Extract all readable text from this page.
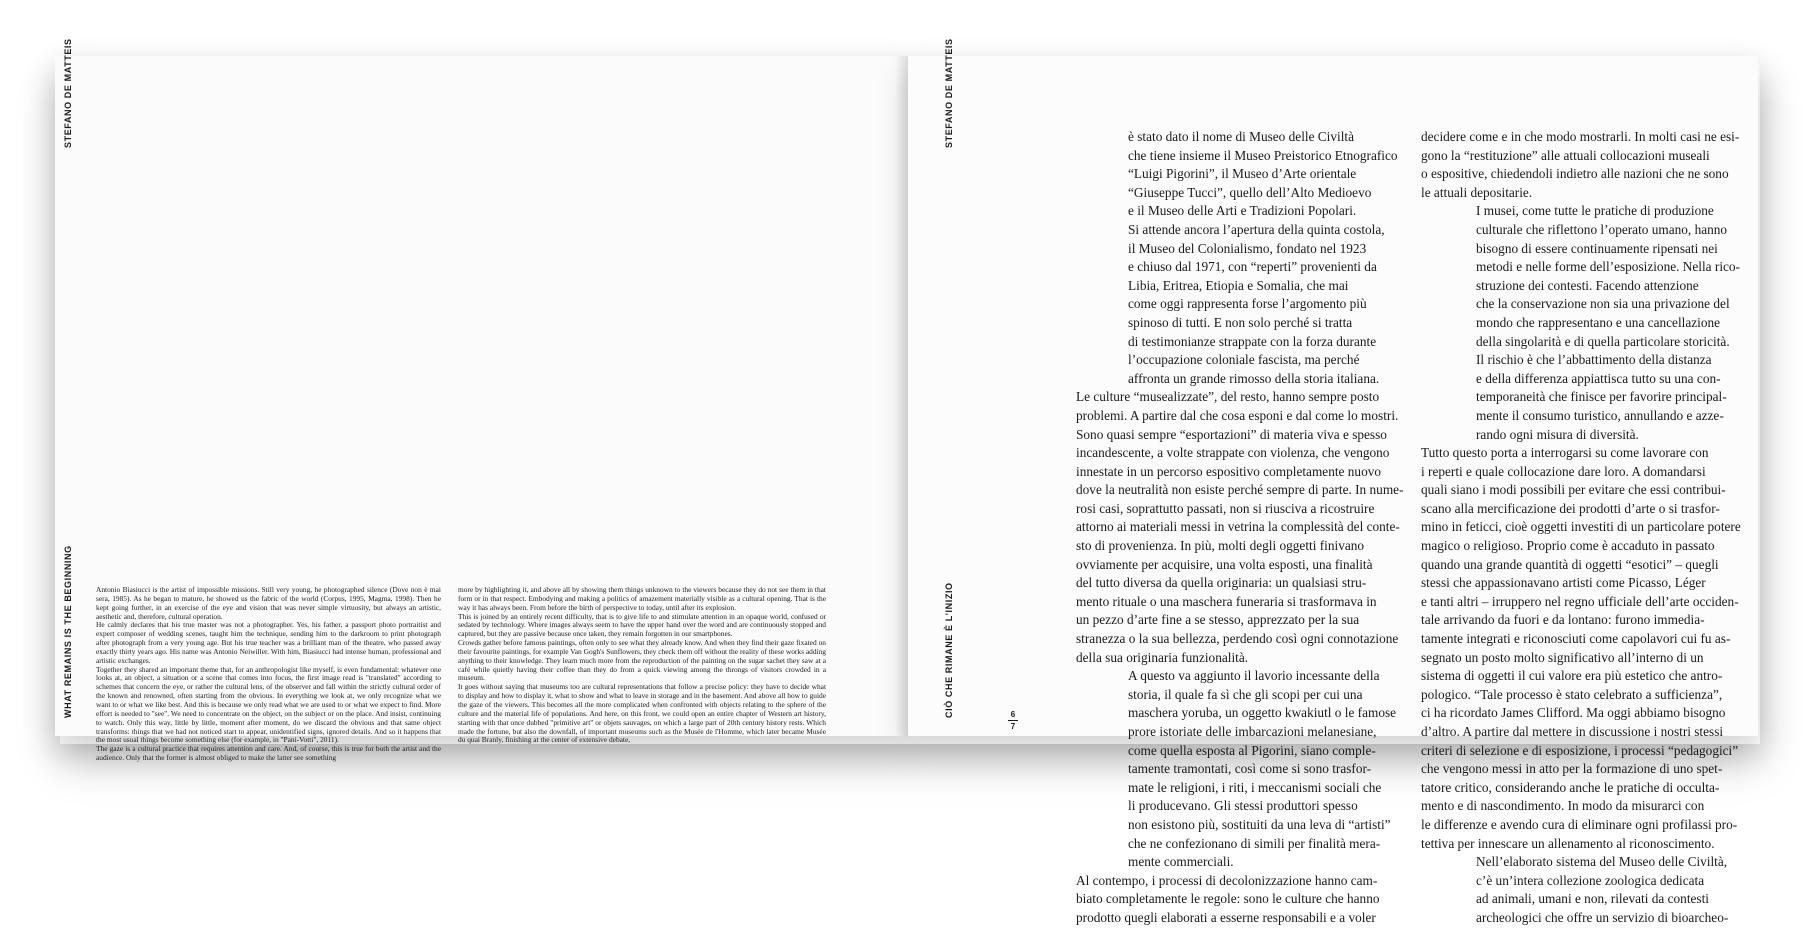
STEFANO DE MATTEIS
WHAT REMAINS IS THE BEGINNING	Antonio Biasiucci is the artist of impossible missions. Still very young, he photographed silence (Dove non è mai sera, 1985). As he began to mature, he showed us the fabric of the world (Corpus, 1995, Magma, 1998). Then he kept going further, in an exercise of the eye and vision that was never simple virtuosity, but always an artistic, aesthetic and, therefore, cultural operation.

He calmly declares that his true master was not a photographer. Yes, his father, a passport photo portraitist and expert composer of wedding scenes, taught him the technique, sending him to the darkroom to print photograph after photograph from a very young age. But his true teacher was a brilliant man of the theatre, who passed away exactly thirty years ago. His name was Antonio Neiwiller. With him, Biasiucci had intense human, professional and artistic exchanges.

Together they shared an important theme that, for an anthropologist like myself, is even fundamental: whatever one looks at, an object, a situation or a scene that comes into focus, the first image read is "translated" according to schemes that concern the eye, or rather the cultural lens, of the observer and fall within the strictly cultural order of the known and renowned, often starting from the obvious. In everything we look at, we only recognize what we want to or what we like best. And this is because we only read what we are used to or what we expect to find. More effort is needed to "see". We need to concentrate on the object, on the subject or on the place. And insist, continuing to watch. Only this way, little by little, moment after moment, do we discard the obvious and that same object transforms: things that we had not noticed start to appear, unidentified signs, ignored details. And so it happens that the most usual things become something else (for example, in "Pani-Votti", 2011).

The gaze is a cultural practice that requires attention and care. And, of course, this is true for both the artist and the audience. Only that the former is almost obliged to make the latter see something

more by highlighting it, and above all by showing them things unknown to the viewers because they do not see them in that form or in that respect. Embodying and making a politics of amazement materially visible as a cultural opening. That is the way it has always been. From before the birth of perspective to today, until after its explosion.

This is joined by an entirely recent difficulty, that is to give life to and stimulate attention in an opaque world, confused or sedated by technology. Where images always seem to have the upper hand over the word and are continuously stopped and captured, but they are passive because once taken, they remain forgotten in our smartphones.

Crowds gather before famous paintings, often only to see what they already know. And when they find their gaze fixated on their favourite paintings, for example Van Gogh's Sunflowers, they check them off without the reality of these works adding anything to their knowledge. They learn much more from the reproduction of the painting on the sugar sachet they saw at a café while quietly having their coffee than they do from a quick viewing among the throngs of visitors crowded in a museum.

It goes without saying that museums too are cultural representations that follow a precise policy: they have to decide what to display and how to display it, what to show and what to leave in storage and in the basement. And above all how to guide the gaze of the viewers. This becomes all the more complicated when confronted with objects relating to the sphere of the culture and the material life of populations. And here, on this front, we could open an entire chapter of Western art history, starting with that once dubbed "primitive art" or objets sauvages, on which a large part of 20th century history rests. Which made the fortune, but also the downfall, of important museums such as the Musée de l'Homme, which later became Musée du quai Branly, finishing at the center of extensive debate,

STEFANO DE MATTEIS
CIÒ CHE RIMANE È L'INIZIO	6
7
è stato dato il nome di Museo delle Civiltà
che tiene insieme il Museo Preistorico Etnografico
“Luigi Pigorini”, il Museo d’Arte orientale
“Giuseppe Tucci”, quello dell’Alto Medioevo
e il Museo delle Arti e Tradizioni Popolari.
Si attende ancora l’apertura della quinta costola,
il Museo del Colonialismo, fondato nel 1923
e chiuso dal 1971, con “reperti” provenienti da
Libia, Eritrea, Etiopia e Somalia, che mai
come oggi rappresenta forse l’argomento più
spinoso di tutti. E non solo perché si tratta
di testimonianze strappate con la forza durante
l’occupazione coloniale fascista, ma perché
affronta un grande rimosso della storia italiana.
Le culture “musealizzate”, del resto, hanno sempre posto
problemi. A partire dal che cosa esponi e dal come lo mostri.
Sono quasi sempre “esportazioni” di materia viva e spesso
incandescente, a volte strappate con violenza, che vengono
innestate in un percorso espositivo completamente nuovo
dove la neutralità non esiste perché sempre di parte. In nume-
rosi casi, soprattutto passati, non si riusciva a ricostruire
attorno ai materiali messi in vetrina la complessità del conte-
sto di provenienza. In più, molti degli oggetti finivano
ovviamente per acquisire, una volta esposti, una finalità
del tutto diversa da quella originaria: un qualsiasi stru-
mento rituale o una maschera funeraria si trasformava in
un pezzo d’arte fine a se stesso, apprezzato per la sua
stranezza o la sua bellezza, perdendo così ogni connotazione
della sua originaria funzionalità.
A questo va aggiunto il lavorio incessante della
storia, il quale fa sì che gli scopi per cui una
maschera yoruba, un oggetto kwakiutl o le famose
prore istoriate delle imbarcazioni melanesiane,
come quella esposta al Pigorini, siano comple-
tamente tramontati, così come si sono trasfor-
mate le religioni, i riti, i meccanismi sociali che
li producevano. Gli stessi produttori spesso
non esistono più, sostituiti da una leva di “artisti”
che ne confezionano di simili per finalità mera-
mente commerciali.
Al contempo, i processi di decolonizzazione hanno cam-
biato completamente le regole: sono le culture che hanno
prodotto quegli elaborati a esserne responsabili e a voler
decidere come e in che modo mostrarli. In molti casi ne esi-
gono la “restituzione” alle attuali collocazioni museali
o espositive, chiedendoli indietro alle nazioni che ne sono
le attuali depositarie.
I musei, come tutte le pratiche di produzione
culturale che riflettono l’operato umano, hanno
bisogno di essere continuamente ripensati nei
metodi e nelle forme dell’esposizione. Nella rico-
struzione dei contesti. Facendo attenzione
che la conservazione non sia una privazione del
mondo che rappresentano e una cancellazione
della singolarità e di quella particolare storicità.
Il rischio è che l’abbattimento della distanza
e della differenza appiattisca tutto su una con-
temporaneità che finisce per favorire principal-
mente il consumo turistico, annullando e azze-
rando ogni misura di diversità.
Tutto questo porta a interrogarsi su come lavorare con
i reperti e quale collocazione dare loro. A domandarsi
quali siano i modi possibili per evitare che essi contribui-
scano alla mercificazione dei prodotti d’arte o si trasfor-
mino in feticci, cioè oggetti investiti di un particolare potere
magico o religioso. Proprio come è accaduto in passato
quando una grande quantità di oggetti “esotici” – quegli
stessi che appassionavano artisti come Picasso, Léger
e tanti altri – irruppero nel regno ufficiale dell’arte occiden-
tale arrivando da fuori e da lontano: furono immedia-
tamente integrati e riconosciuti come capolavori cui fu as-
segnato un posto molto significativo all’interno di un
sistema di oggetti il cui valore era più estetico che antro-
pologico. “Tale processo è stato celebrato a sufficienza”,
ci ha ricordato James Clifford. Ma oggi abbiamo bisogno
d’altro. A partire dal mettere in discussione i nostri stessi
criteri di selezione e di esposizione, i processi “pedagogici”
che vengono messi in atto per la formazione di uno spet-
tatore critico, considerando anche le pratiche di occulta-
mento e di nascondimento. In modo da misurarci con
le differenze e avendo cura di eliminare ogni profilassi pro-
tettiva per innescare un allenamento al riconoscimento.
Nell’elaborato sistema del Museo delle Civiltà,
c’è un’intera collezione zoologica dedicata
ad animali, umani e non, rilevati da contesti
archeologici che offre un servizio di bioarcheo-
